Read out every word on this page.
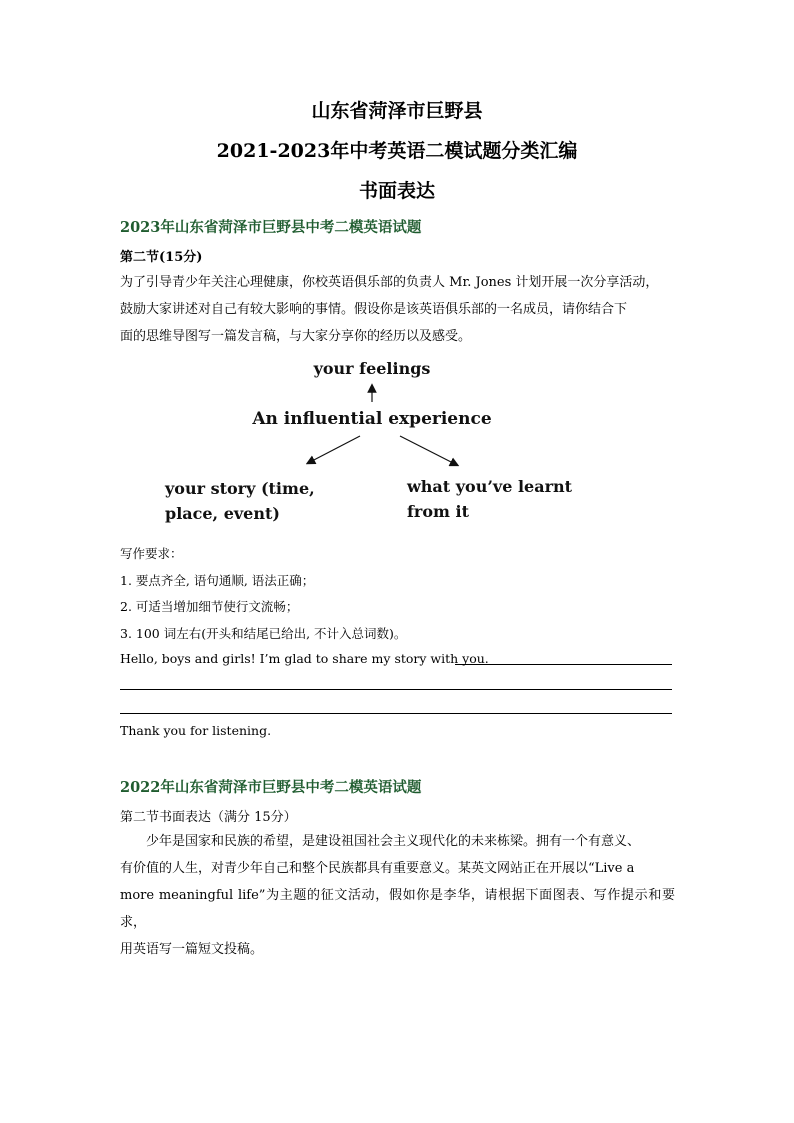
山东省菏泽市巨野县
2021-2023年中考英语二模试题分类汇编
书面表达
2023年山东省菏泽市巨野县中考二模英语试题
第二节(15分)
为了引导青少年关注心理健康，你校英语俱乐部的负责人 Mr. Jones 计划开展一次分享活动，
鼓励大家讲述对自己有较大影响的事情。假设你是该英语俱乐部的一名成员，请你结合下
面的思维导图写一篇发言稿，与大家分享你的经历以及感受。
your feelings
An influential experience
your story (time,
place, event)
what you’ve learnt
from it
写作要求：
1. 要点齐全, 语句通顺, 语法正确；
2. 可适当增加细节使行文流畅；
3. 100 词左右(开头和结尾已给出, 不计入总词数)。
Hello, boys and girls! I’m glad to share my story with you.
Thank you for listening.
2022年山东省菏泽市巨野县中考二模英语试题
第二节书面表达（满分 15分）
少年是国家和民族的希望，是建设祖国社会主义现代化的未来栋梁。拥有一个有意义、
有价值的人生，对青少年自己和整个民族都具有重要意义。某英文网站正在开展以“Live a
more meaningful life”为主题的征文活动，假如你是李华，请根据下面图表、写作提示和要求，
用英语写一篇短文投稿。
